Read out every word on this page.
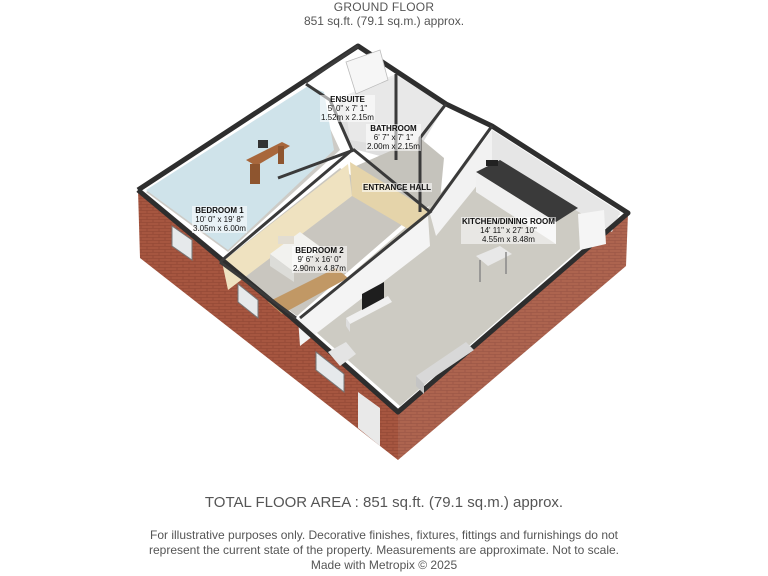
GROUND FLOOR
851 sq.ft. (79.1 sq.m.) approx.
ENSUITE
5' 0" x 7' 1"
1.52m x 2.15m
BATHROOM
6' 7" x 7' 1"
2.00m x 2.15m
ENTRANCE HALL
BEDROOM 1
10' 0" x 19' 8"
3.05m x 6.00m
KITCHEN/DINING ROOM
14' 11" x 27' 10"
4.55m x 8.48m
BEDROOM 2
9' 6" x 16' 0"
2.90m x 4.87m
TOTAL FLOOR AREA : 851 sq.ft. (79.1 sq.m.) approx.
For illustrative purposes only. Decorative finishes, fixtures, fittings and furnishings do not
represent the current state of the property. Measurements are approximate. Not to scale.
Made with Metropix © 2025
